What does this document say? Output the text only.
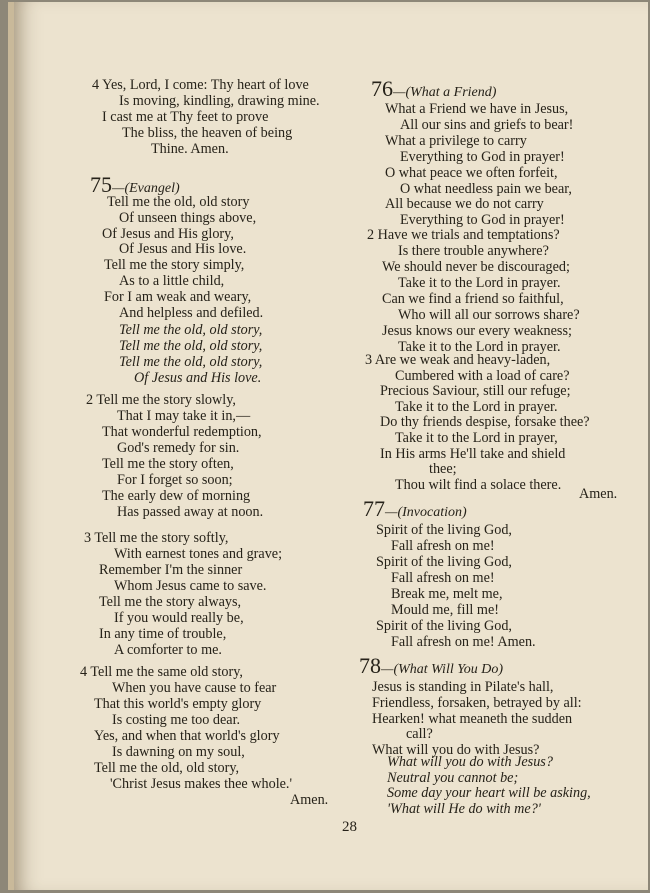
4 Yes, Lord, I come: Thy heart of love
Is moving, kindling, drawing mine.
I cast me at Thy feet to prove
The bliss, the heaven of being
Thine. Amen.
75—(Evangel)
Tell me the old, old story
Of unseen things above,
Of Jesus and His glory,
Of Jesus and His love.
Tell me the story simply,
As to a little child,
For I am weak and weary,
And helpless and defiled.
Tell me the old, old story,
Tell me the old, old story,
Tell me the old, old story,
Of Jesus and His love.
2 Tell me the story slowly,
That I may take it in,—
That wonderful redemption,
God's remedy for sin.
Tell me the story often,
For I forget so soon;
The early dew of morning
Has passed away at noon.
3 Tell me the story softly,
With earnest tones and grave;
Remember I'm the sinner
Whom Jesus came to save.
Tell me the story always,
If you would really be,
In any time of trouble,
A comforter to me.
4 Tell me the same old story,
When you have cause to fear
That this world's empty glory
Is costing me too dear.
Yes, and when that world's glory
Is dawning on my soul,
Tell me the old, old story,
'Christ Jesus makes thee whole.'
Amen.
76—(What a Friend)
What a Friend we have in Jesus,
All our sins and griefs to bear!
What a privilege to carry
Everything to God in prayer!
O what peace we often forfeit,
O what needless pain we bear,
All because we do not carry
Everything to God in prayer!
2 Have we trials and temptations?
Is there trouble anywhere?
We should never be discouraged;
Take it to the Lord in prayer.
Can we find a friend so faithful,
Who will all our sorrows share?
Jesus knows our every weakness;
Take it to the Lord in prayer.
3 Are we weak and heavy-laden,
Cumbered with a load of care?
Precious Saviour, still our refuge;
Take it to the Lord in prayer.
Do thy friends despise, forsake thee?
Take it to the Lord in prayer,
In His arms He'll take and shield
thee;
Thou wilt find a solace there.
Amen.
77—(Invocation)
Spirit of the living God,
Fall afresh on me!
Spirit of the living God,
Fall afresh on me!
Break me, melt me,
Mould me, fill me!
Spirit of the living God,
Fall afresh on me! Amen.
78—(What Will You Do)
Jesus is standing in Pilate's hall,
Friendless, forsaken, betrayed by all:
Hearken! what meaneth the sudden
call?
What will you do with Jesus?
What will you do with Jesus?
Neutral you cannot be;
Some day your heart will be asking,
'What will He do with me?'
28
